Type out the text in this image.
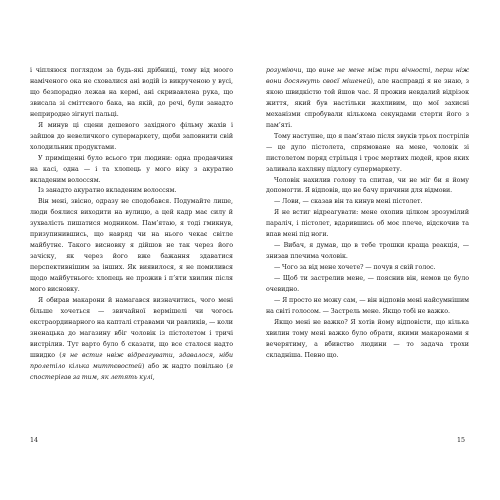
і чіпляюся поглядом за будь-які дрібниці, тому від моого наміченого ока не сховалися ані водій із викрученою у вусі, що безпорадно лежав на кермі, ані скривавлена рука, що звисала зі сміттєвого бака, на якій, до речі, були занадто неприродно зігнуті пальці.

Я минув ці сцени дешевого західного фільму жахів і зайшов до невеличкого супермаркету, щоби заповнити свій холодильник продуктами.

У приміщенні було всього три людини: одна продавчиня на касі, одна — і та хлопець у мого віку з акуратно вкладеним волоссям.

Із занадто акуратно вкладеним волоссям.

Він мені, звісно, одразу не сподобався. Подумайте лише, люди боялися виходити на вулицю, а цей кадр має силу й зухвалість пишатися модником. Пам’ятаю, я тоді гмикнув, призупинившись, що навряд чи на нього чекає світле майбутнє. Такого висновку я дійшов не так через його зачіску, як через його вже бажання здаватися перспективнішим за інших. Як виявилося, я не помилився щодо майбутнього: хлопець не прожив і п’яти хвилин після мого висновку.

Я обирав макарони й намагався визначитись, чого мені більше хочеться — звичайної вермішелі чи чогось екстраординарного на капталі стравами чи равликів, — коли зненацька до магазину вбіг чоловік із пістолетом і тричі вистрілив. Тут варто було б сказати, що все сталося надто швидко (я не встиг нвіж відреагувати, здавалося, ніби пролетіло кілька миттєвостей) або ж надто повільно (я спостерігав за тим, як летять кулі,

14

розуміючи, що вине не мене між три вічності, перш ніж вони досягнуть своєї мішеней), але насправді я не знаю, з якою швидкістю той йшов час. Я прожив невдалий відрізок життя, який був настільки жахливим, що мої захисні механізми спробували кількома секундами стерти його з пам’яті.

Тому наступне, що я пам’ятаю після звуків трьох пострілів — це дуло пістолета, спрямоване на мене, чоловік зі пистолетом поряд стрільця і троє мертвих людей, кров яких заливала кахляну підлогу супермаркету.

Чоловік нахилив голову та спитав, чи не міг би я йому допомогти. Я відповів, що не бачу причини для відмови.

— Лови, — сказав він та кинув мені пістолет.

Я не встиг відреагувати: мене охопив цілком зрозумілий параліч, і пістолет, вдарившись об моє плече, відскочив та впав мені під ноги.

— Вибач, я думав, що в тебе трошки краща реакція, — знизав плечима чоловік.

— Чого за від мене хочете? — почув я свій голос.

— Щоб ти застрелив мене, — пояснив він, немов це було очевидно.

— Я просто не можу сам, — він відповів мені найсумнішим на світі голосом. — Застрель мене. Якщо тобі не важко.

Якщо мені не важко? Я хотів йому відповісти, що кілька хвилин тому мені важко було обрати, якими макаронами я вечерятиму, а вбивство людини — то задача трохи складніша. Певно що.

15
